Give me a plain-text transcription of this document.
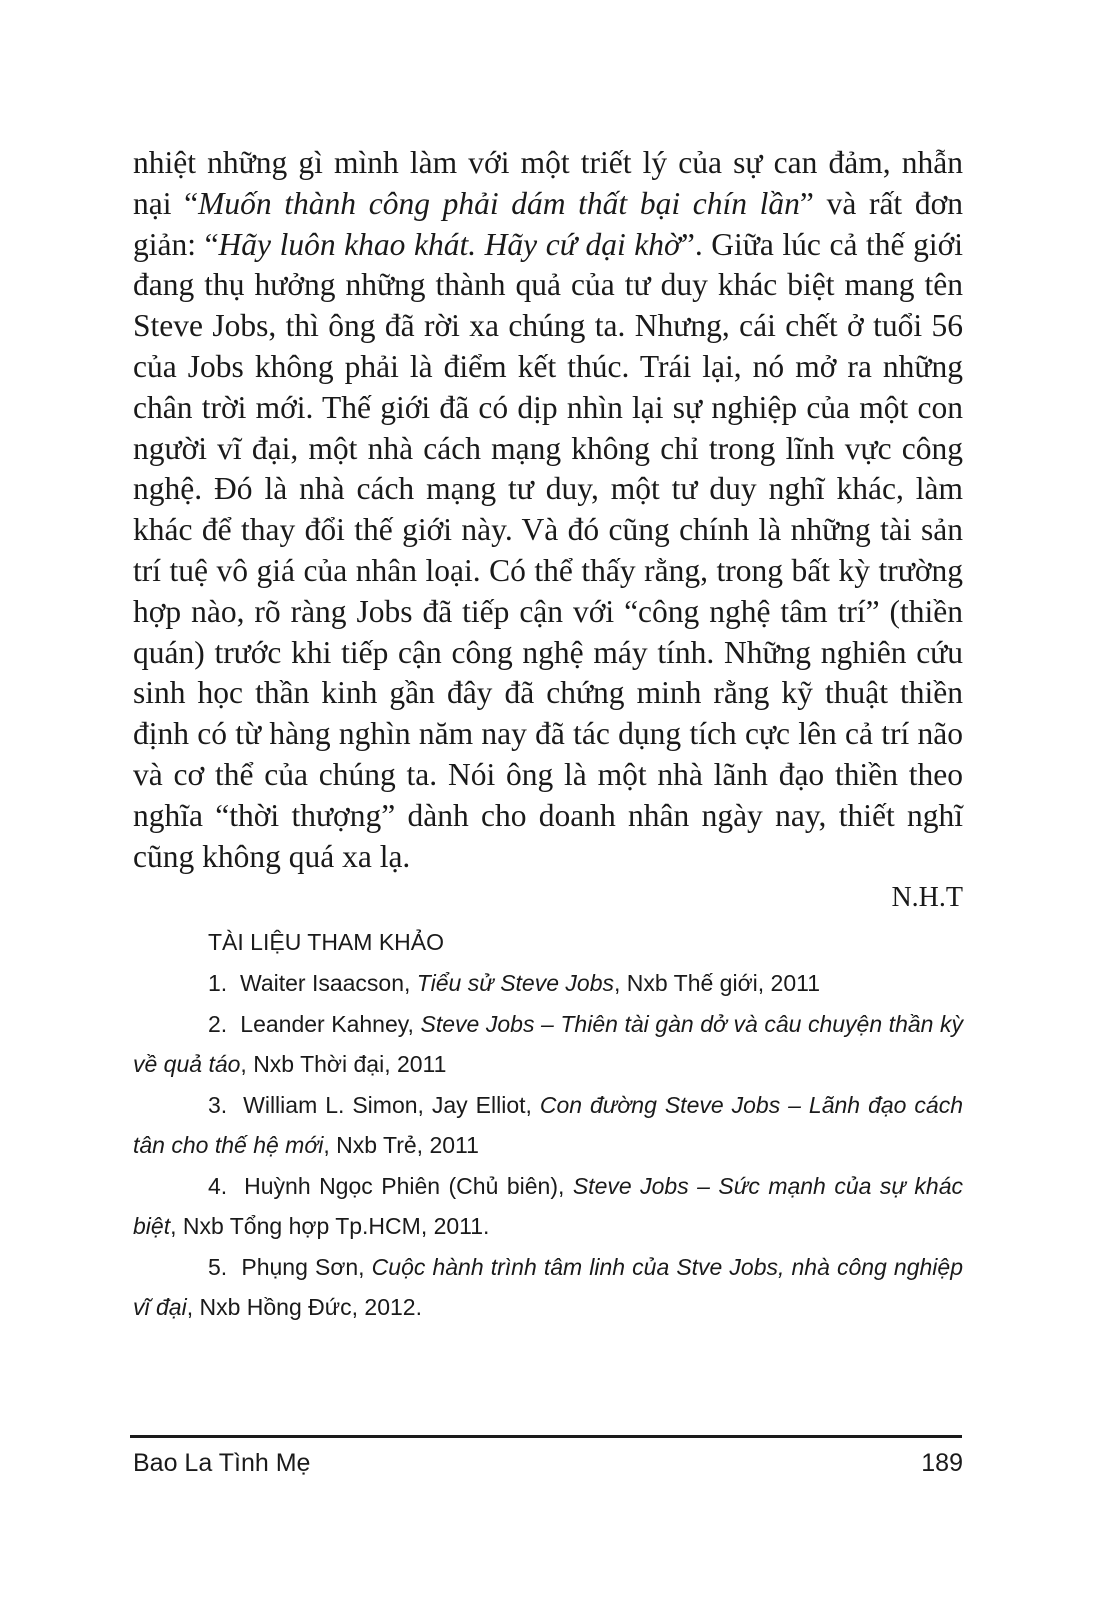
nhiệt những gì mình làm với một triết lý của sự can đảm, nhẫn nại “Muốn thành công phải dám thất bại chín lần” và rất đơn giản: “Hãy luôn khao khát. Hãy cứ dại khờ”. Giữa lúc cả thế giới đang thụ hưởng những thành quả của tư duy khác biệt mang tên Steve Jobs, thì ông đã rời xa chúng ta. Nhưng, cái chết ở tuổi 56 của Jobs không phải là điểm kết thúc. Trái lại, nó mở ra những chân trời mới. Thế giới đã có dịp nhìn lại sự nghiệp của một con người vĩ đại, một nhà cách mạng không chỉ trong lĩnh vực công nghệ. Đó là nhà cách mạng tư duy, một tư duy nghĩ khác, làm khác để thay đổi thế giới này. Và đó cũng chính là những tài sản trí tuệ vô giá của nhân loại. Có thể thấy rằng, trong bất kỳ trường hợp nào, rõ ràng Jobs đã tiếp cận với “công nghệ tâm trí” (thiền quán) trước khi tiếp cận công nghệ máy tính. Những nghiên cứu sinh học thần kinh gần đây đã chứng minh rằng kỹ thuật thiền định có từ hàng nghìn năm nay đã tác dụng tích cực lên cả trí não và cơ thể của chúng ta. Nói ông là một nhà lãnh đạo thiền theo nghĩa “thời thượng” dành cho doanh nhân ngày nay, thiết nghĩ cũng không quá xa lạ.

N.H.T

TÀI LIỆU THAM KHẢO

1. Waiter Isaacson, Tiểu sử Steve Jobs, Nxb Thế giới, 2011

2. Leander Kahney, Steve Jobs – Thiên tài gàn dở và câu chuyện thần kỳ về quả táo, Nxb Thời đại, 2011

3. William L. Simon, Jay Elliot, Con đường Steve Jobs – Lãnh đạo cách tân cho thế hệ mới, Nxb Trẻ, 2011

4. Huỳnh Ngọc Phiên (Chủ biên), Steve Jobs – Sức mạnh của sự khác biệt, Nxb Tổng hợp Tp.HCM, 2011.

5. Phụng Sơn, Cuộc hành trình tâm linh của Stve Jobs, nhà công nghiệp vĩ đại, Nxb Hồng Đức, 2012.

Bao La Tình Mẹ	189
